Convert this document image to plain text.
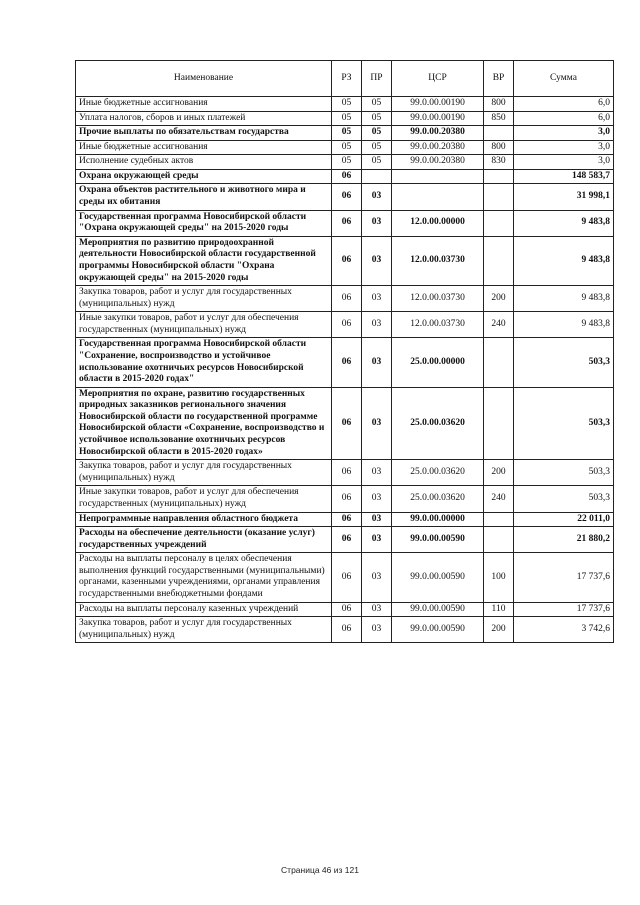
Наименование	РЗ	ПР	ЦСР	ВР	Сумма
Иные бюджетные ассигнования	05	05	99.0.00.00190	800	6,0
Уплата налогов, сборов и иных платежей	05	05	99.0.00.00190	850	6,0
Прочие выплаты по обязательствам государства	05	05	99.0.00.20380		3,0
Иные бюджетные ассигнования	05	05	99.0.00.20380	800	3,0
Исполнение судебных актов	05	05	99.0.00.20380	830	3,0
Охрана окружающей среды	06				148 583,7
Охрана объектов растительного и животного мира и среды их обитания	06	03			31 998,1
Государственная программа Новосибирской области "Охрана окружающей среды" на 2015-2020 годы	06	03	12.0.00.00000		9 483,8
Мероприятия по развитию природоохранной деятельности Новосибирской области государственной программы Новосибирской области "Охрана окружающей среды" на 2015-2020 годы	06	03	12.0.00.03730		9 483,8
Закупка товаров, работ и услуг для государственных (муниципальных) нужд	06	03	12.0.00.03730	200	9 483,8
Иные закупки товаров, работ и услуг для обеспечения государственных (муниципальных) нужд	06	03	12.0.00.03730	240	9 483,8
Государственная программа Новосибирской области "Сохранение, воспроизводство и устойчивое использование охотничьих ресурсов Новосибирской области в 2015-2020 годах"	06	03	25.0.00.00000		503,3
Мероприятия по охране, развитию государственных природных заказников регионального значения Новосибирской области по государственной программе Новосибирской области «Сохранение, воспроизводство и устойчивое использование охотничьих ресурсов Новосибирской области в 2015-2020 годах»	06	03	25.0.00.03620		503,3
Закупка товаров, работ и услуг для государственных (муниципальных) нужд	06	03	25.0.00.03620	200	503,3
Иные закупки товаров, работ и услуг для обеспечения государственных (муниципальных) нужд	06	03	25.0.00.03620	240	503,3
Непрограммные направления областного бюджета	06	03	99.0.00.00000		22 011,0
Расходы на обеспечение деятельности (оказание услуг) государственных учреждений	06	03	99.0.00.00590		21 880,2
Расходы на выплаты персоналу в целях обеспечения выполнения функций государственными (муниципальными) органами, казенными учреждениями, органами управления государственными внебюджетными фондами	06	03	99.0.00.00590	100	17 737,6
Расходы на выплаты персоналу казенных учреждений	06	03	99.0.00.00590	110	17 737,6
Закупка товаров, работ и услуг для государственных (муниципальных) нужд	06	03	99.0.00.00590	200	3 742,6
Страница 46 из 121
